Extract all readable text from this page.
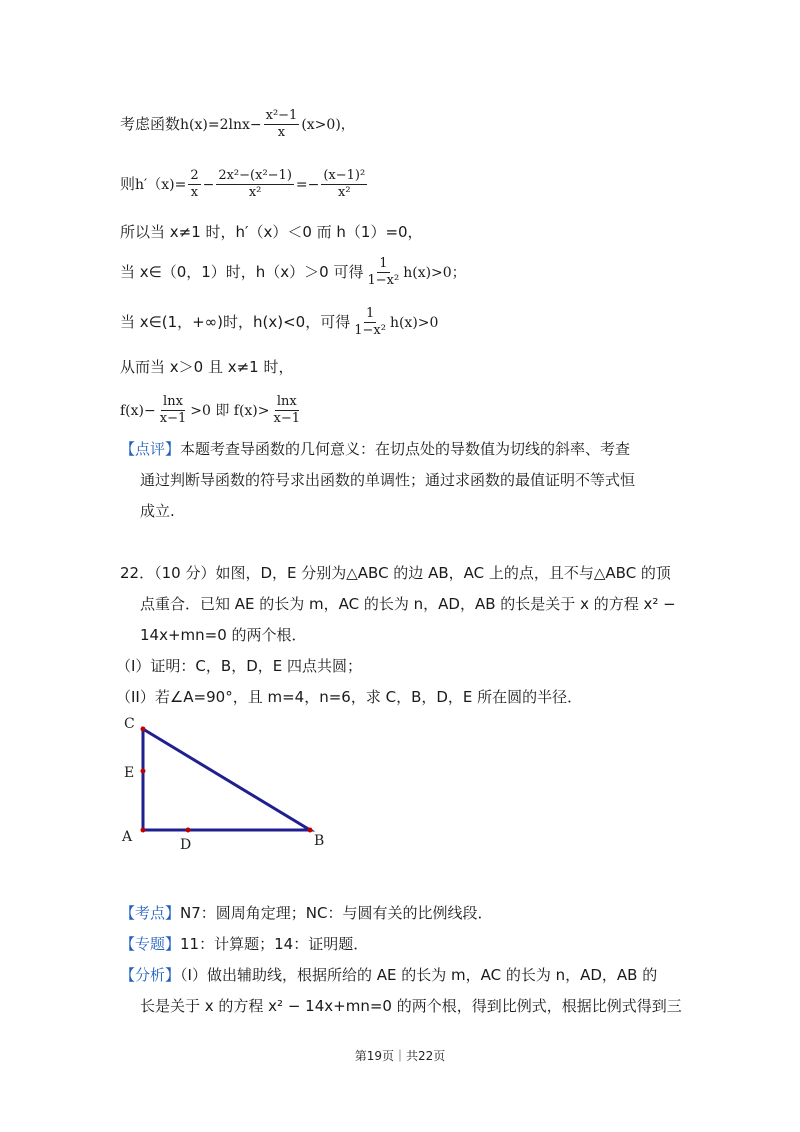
考虑函数$h(x)=2\ln x- \frac{\text{x²−1}}{x} (x>0)$，
则$h'(x)= \frac{2}{x} - \frac{\text{2x²−(x²−1)}}{\text{x²}} =- \frac{\text{(x−1)²}}{\text{x²}}$
所以当 x≠1 时，h′（x）＜0 而 h（1）=0，
当 x∈（0，1）时，h（x）＞0 可得 $\frac{1}{\text{1−x²}} h(x)>0$；
当 x∈(1，+∞)时，h(x)<0，可得 $\frac{1}{\text{1−x²}} h(x)>0$
从而当 x＞0 且 x≠1 时，
$f(x)- \frac{\ln x}{x-1} >0$ 即 $f(x)> \frac{\ln x}{x-1}$
【点评】本题考查导函数的几何意义：在切点处的导数值为切线的斜率、考查
通过判断导函数的符号求出函数的单调性；通过求函数的最值证明不等式恒
成立.
22．（10 分）如图，D，E 分别为△ABC 的边 AB，AC 上的点，且不与△ABC 的顶
点重合．已知 AE 的长为 m，AC 的长为 n，AD，AB 的长是关于 x 的方程 x² −
14x+mn=0 的两个根．
（I）证明：C，B，D，E 四点共圆；
（II）若∠A=90°，且 m=4，n=6，求 C，B，D，E 所在圆的半径．
C
E
A	D	B
【考点】N7：圆周角定理；NC：与圆有关的比例线段．
【专题】11：计算题；14：证明题．
【分析】（I）做出辅助线，根据所给的 AE 的长为 m，AC 的长为 n，AD，AB 的
长是关于 x 的方程 x² − 14x+mn=0 的两个根，得到比例式，根据比例式得到三
第19页｜共22页
